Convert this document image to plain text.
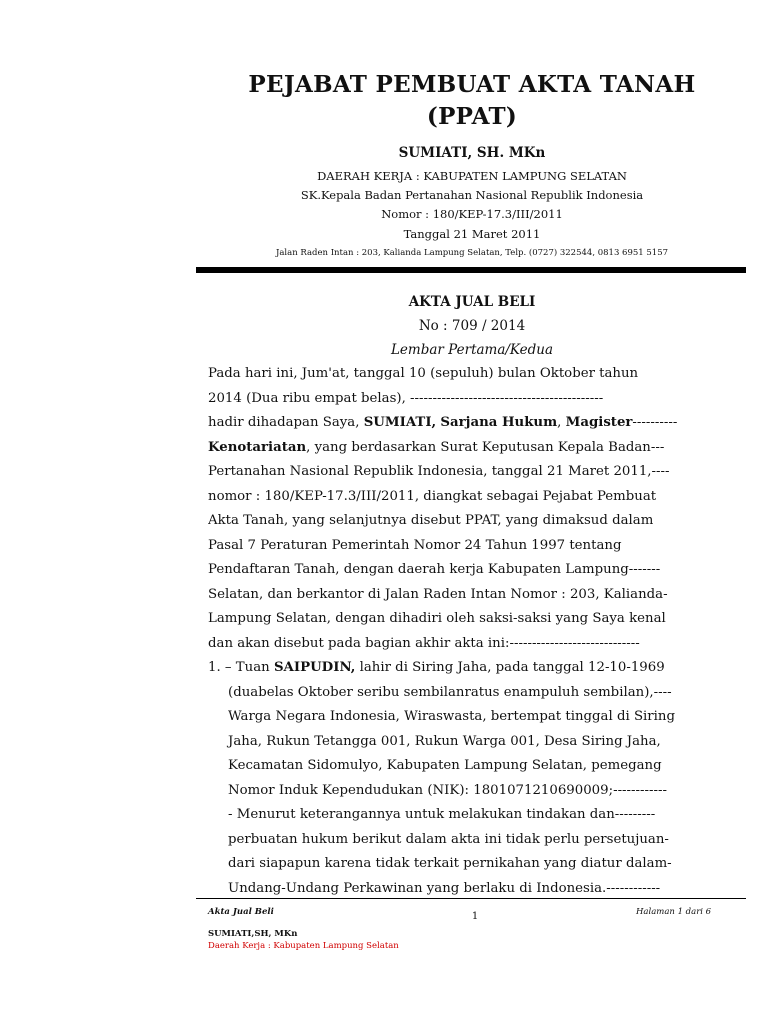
PEJABAT PEMBUAT AKTA TANAH
(PPAT)
SUMIATI, SH. MKn
DAERAH KERJA : KABUPATEN LAMPUNG SELATAN
SK.Kepala Badan Pertanahan Nasional Republik Indonesia
Nomor : 180/KEP-17.3/III/2011
Tanggal 21 Maret 2011
Jalan Raden Intan : 203, Kalianda Lampung Selatan, Telp. (0727) 322544, 0813 6951 5157
AKTA JUAL BELI
No : 709 / 2014
Lembar Pertama/Kedua
Pada hari ini, Jum'at, tanggal 10 (sepuluh) bulan Oktober tahun
2014 (Dua ribu empat belas), -------------------------------------------
hadir dihadapan Saya, SUMIATI, Sarjana Hukum, Magister----------
Kenotariatan, yang berdasarkan Surat Keputusan Kepala Badan---
Pertanahan Nasional Republik Indonesia, tanggal 21 Maret 2011,----
nomor : 180/KEP-17.3/III/2011, diangkat sebagai Pejabat Pembuat
Akta Tanah, yang selanjutnya disebut PPAT, yang dimaksud dalam
Pasal 7 Peraturan Pemerintah Nomor 24 Tahun 1997 tentang
Pendaftaran Tanah, dengan daerah kerja Kabupaten Lampung-------
Selatan, dan berkantor di Jalan Raden Intan Nomor : 203, Kalianda-
Lampung Selatan, dengan dihadiri oleh saksi-saksi yang Saya kenal
dan akan disebut pada bagian akhir akta ini:-----------------------------
1. – Tuan SAIPUDIN, lahir di Siring Jaha, pada tanggal 12-10-1969
(duabelas Oktober seribu sembilanratus enampuluh sembilan),----
Warga Negara Indonesia, Wiraswasta, bertempat tinggal di Siring
Jaha, Rukun Tetangga 001, Rukun Warga 001, Desa Siring Jaha,
Kecamatan Sidomulyo, Kabupaten Lampung Selatan, pemegang
Nomor Induk Kependudukan (NIK): 1801071210690009;------------
- Menurut keterangannya untuk melakukan tindakan dan---------
perbuatan hukum berikut dalam akta ini tidak perlu persetujuan-
dari siapapun karena tidak terkait pernikahan yang diatur dalam-
Undang-Undang Perkawinan yang berlaku di Indonesia.------------
Akta Jual Beli	1	Halaman 1 dari 6
SUMIATI,SH, MKn
Daerah Kerja : Kabupaten Lampung Selatan
